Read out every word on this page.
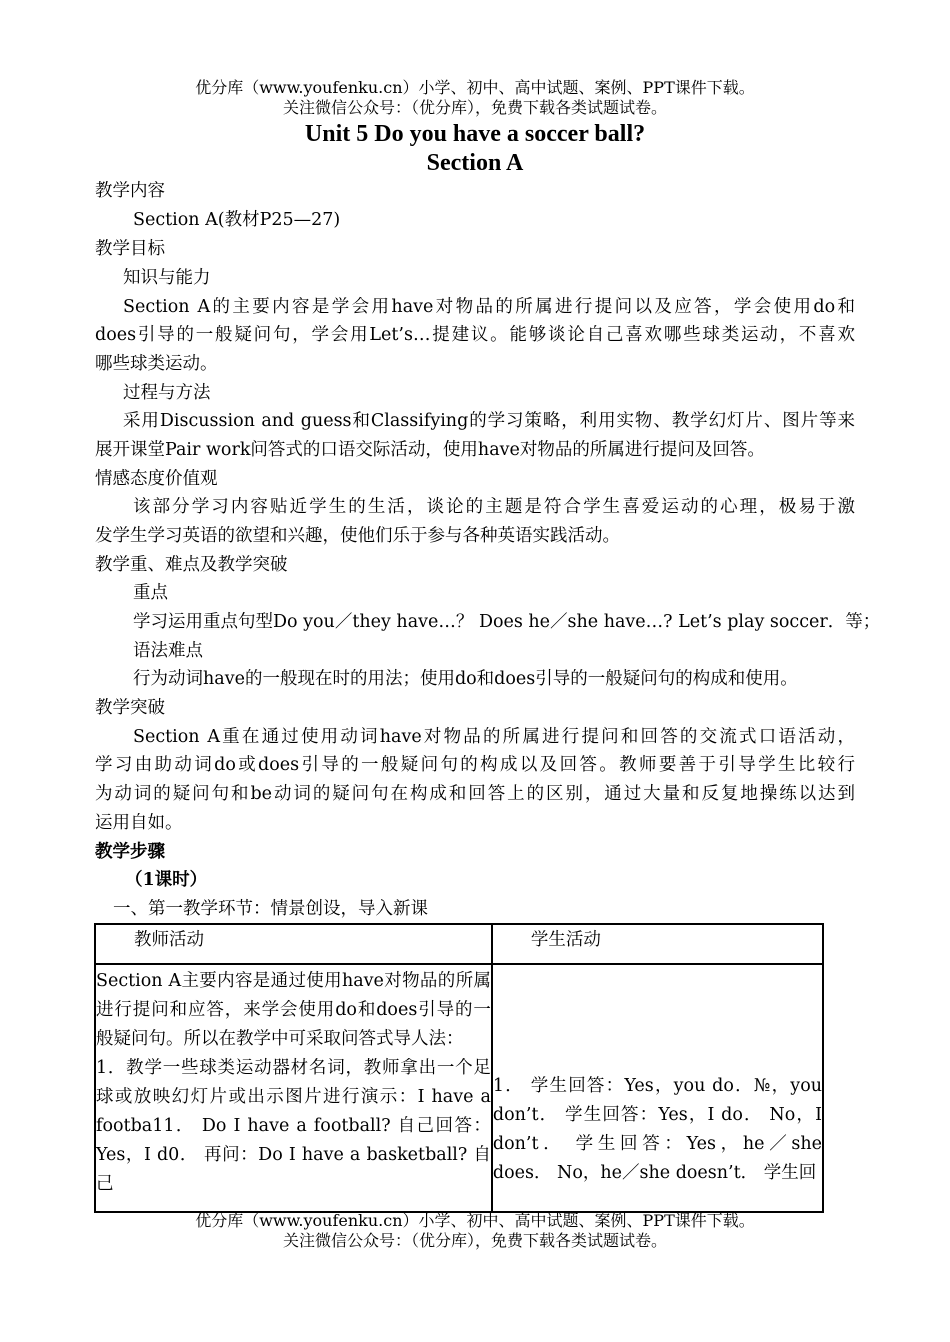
优分库（www.youfenku.cn）小学、初中、高中试题、案例、PPT课件下载。
关注微信公众号：（优分库），免费下载各类试题试卷。
Unit 5 Do you have a soccer ball?
Section A
教学内容
Section A(教材P25—27)
教学目标
知识与能力
Section A的主要内容是学会用have对物品的所属进行提问以及应答，学会使用do和
does引导的一般疑问句，学会用Let’s…提建议。能够谈论自己喜欢哪些球类运动，不喜欢
哪些球类运动。
过程与方法
采用Discussion and guess和Classifying的学习策略，利用实物、教学幻灯片、图片等来
展开课堂Pair work问答式的口语交际活动，使用have对物品的所属进行提问及回答。
情感态度价值观
该部分学习内容贴近学生的生活，谈论的主题是符合学生喜爱运动的心理，极易于激
发学生学习英语的欲望和兴趣，使他们乐于参与各种英语实践活动。
教学重、难点及教学突破
重点
学习运用重点句型Do you／they have…？ Does he／she have…? Let’s play soccer．等；
语法难点
行为动词have的一般现在时的用法；使用do和does引导的一般疑问句的构成和使用。
教学突破
Section A重在通过使用动词have对物品的所属进行提问和回答的交流式口语活动，
学习由助动词do或does引导的一般疑问句的构成以及回答。教师要善于引导学生比较行
为动词的疑问句和be动词的疑问句在构成和回答上的区别，通过大量和反复地操练以达到
运用自如。
教学步骤
（1课时）
一、第一教学环节：情景创设，导入新课
教师活动	学生活动

Section A主要内容是通过使用have对物品的所属进行提问和应答，来学会使用do和does引导的一般疑问句。所以在教学中可采取问答式导人法：

1．教学一些球类运动器材名词，教师拿出一个足球或放映幻灯片或出示图片进行演示：I have a footba11． Do I have a football? 自己回答：Yes，I d0． 再问：Do I have a basketball? 自己	1． 学生回答：Yes，you do．№，you don’t． 学生回答：Yes，I do． No，I don’t． 学生回答：Yes，he／she does． No，he／she doesn’t． 学生回

优分库（www.youfenku.cn）小学、初中、高中试题、案例、PPT课件下载。
关注微信公众号：（优分库），免费下载各类试题试卷。
